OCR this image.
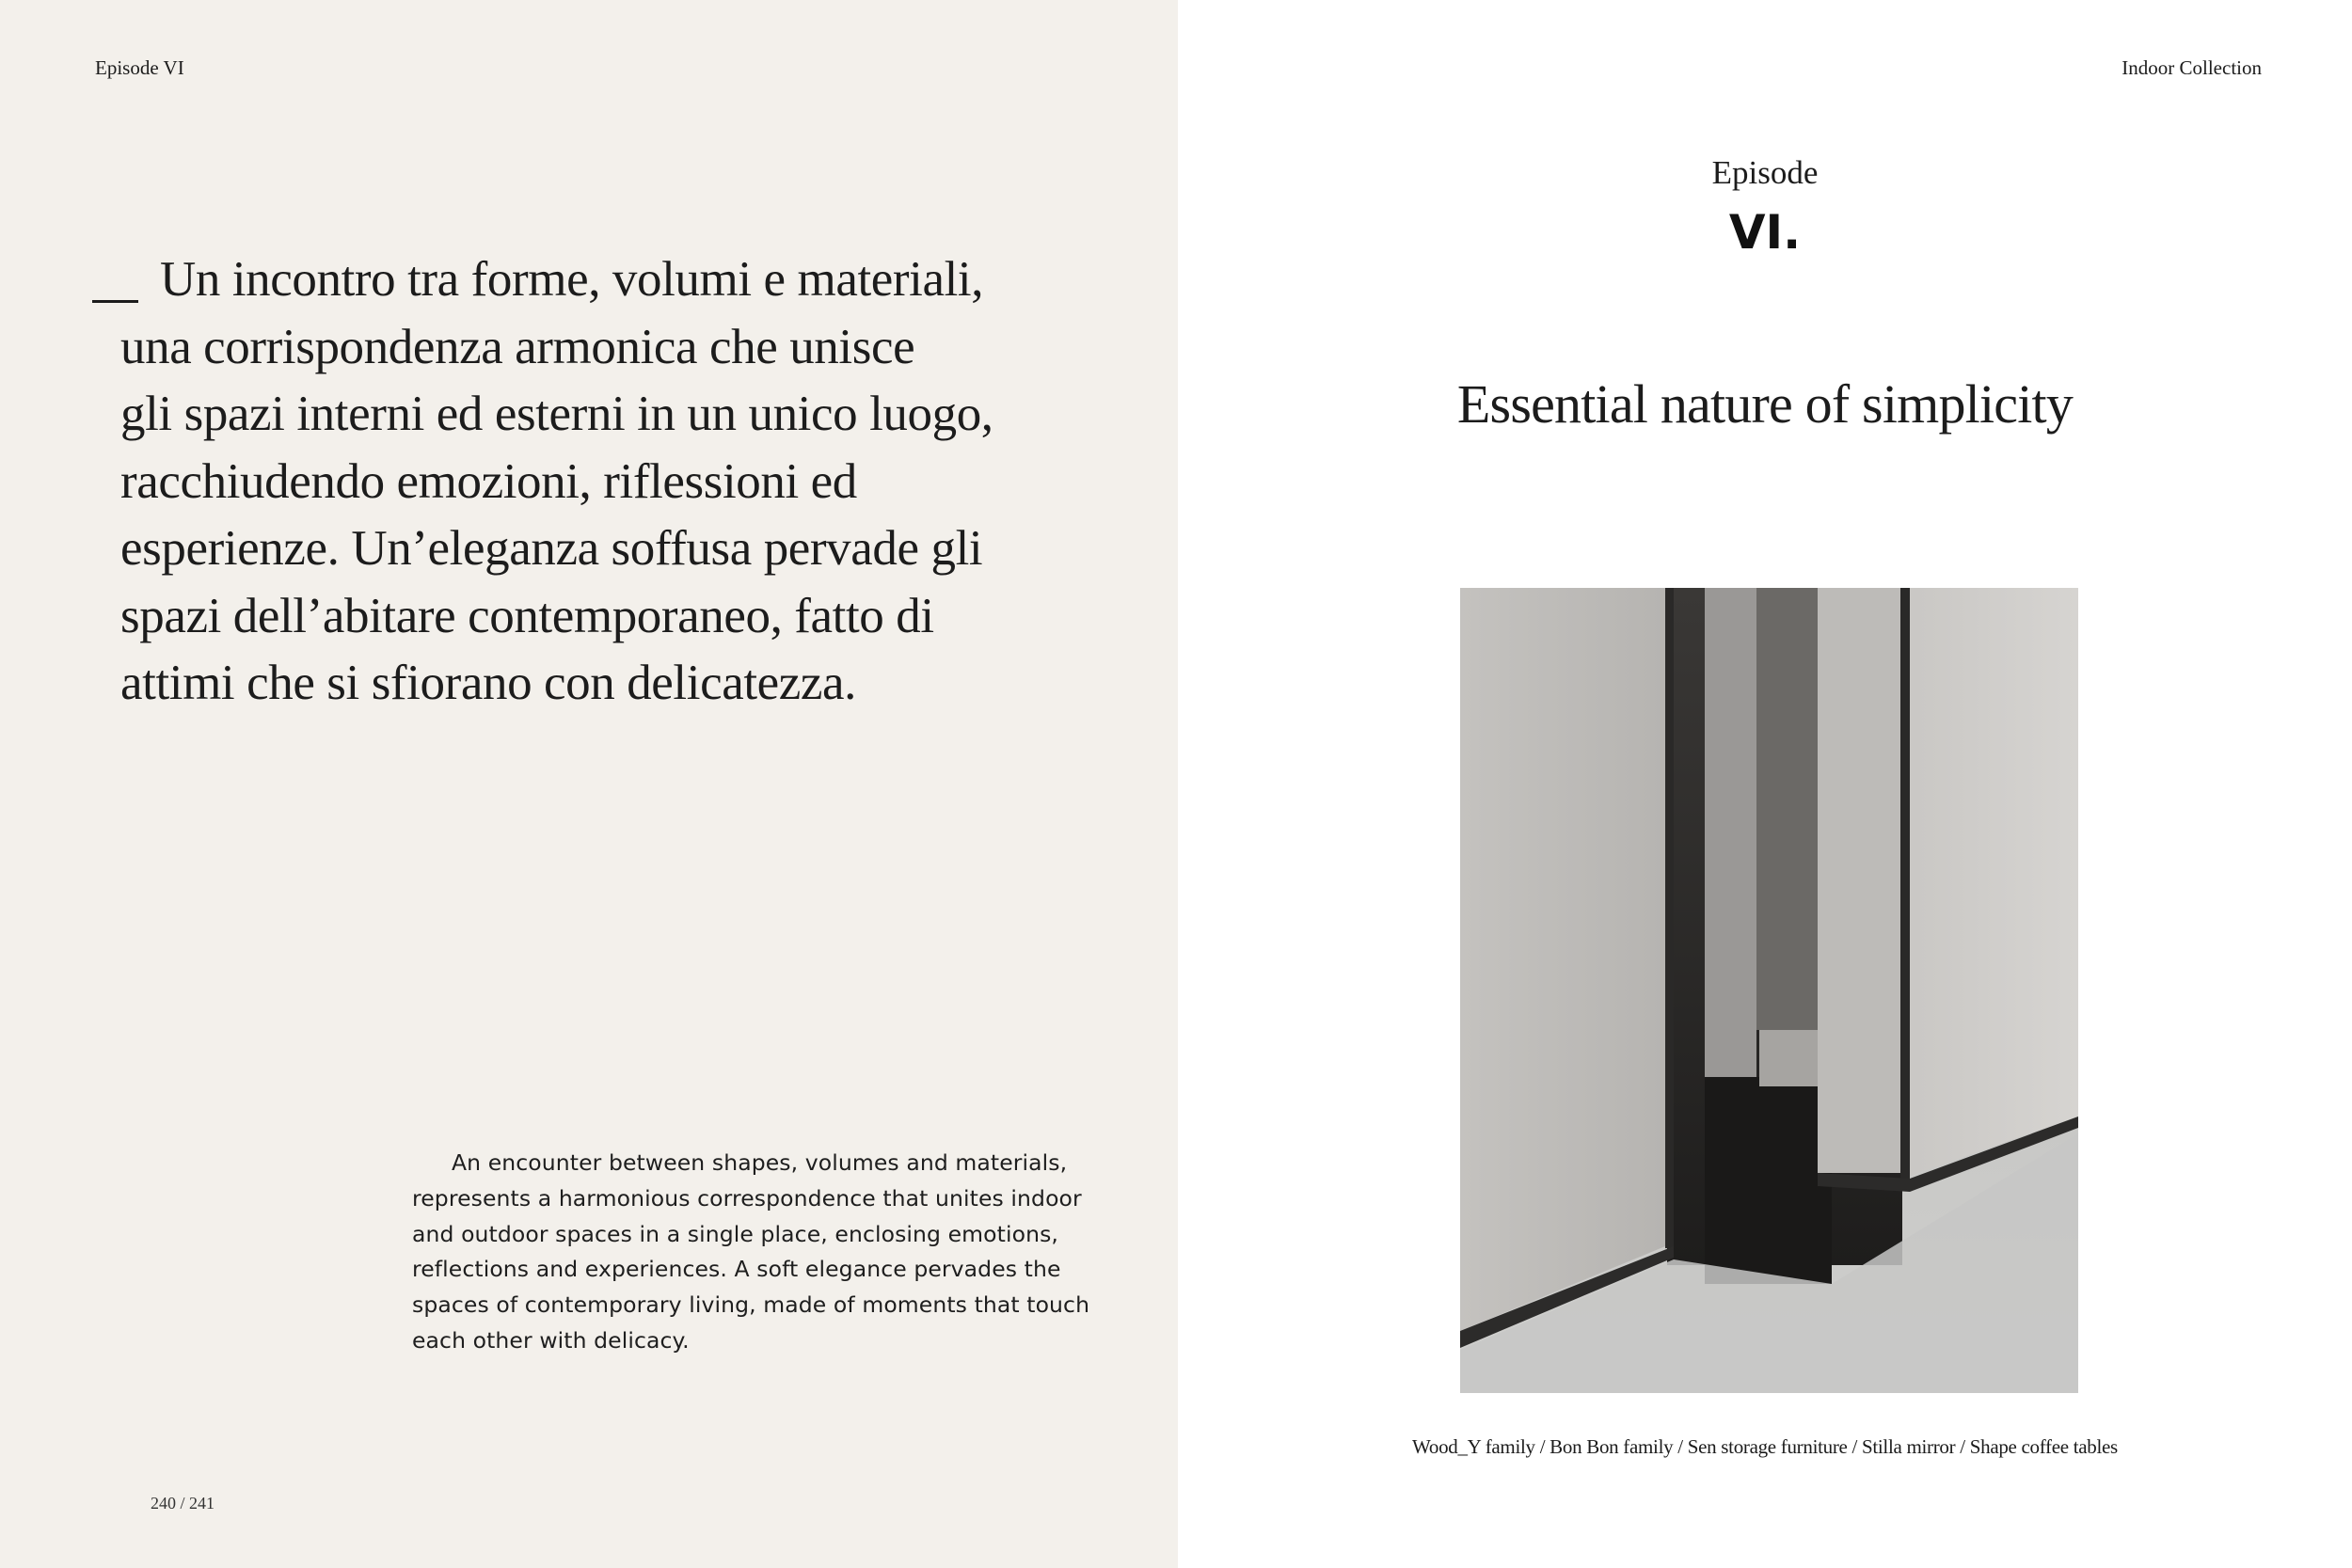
Episode VI	Indoor Collection
Un incontro tra forme, volumi e materiali,
una corrispondenza armonica che unisce
gli spazi interni ed esterni in un unico luogo,
racchiudendo emozioni, riflessioni ed
esperienze. Un’eleganza soffusa pervade gli
spazi dell’abitare contemporaneo, fatto di
attimi che si sfiorano con delicatezza.
An encounter between shapes, volumes and materials,
represents a harmonious correspondence that unites indoor
and outdoor spaces in a single place, enclosing emotions,
reflections and experiences. A soft elegance pervades the
spaces of contemporary living, made of moments that touch
each other with delicacy.
240 / 241
Episode
VI.
Essential nature of simplicity
Wood_Y family / Bon Bon family / Sen storage furniture / Stilla mirror / Shape coffee tables
